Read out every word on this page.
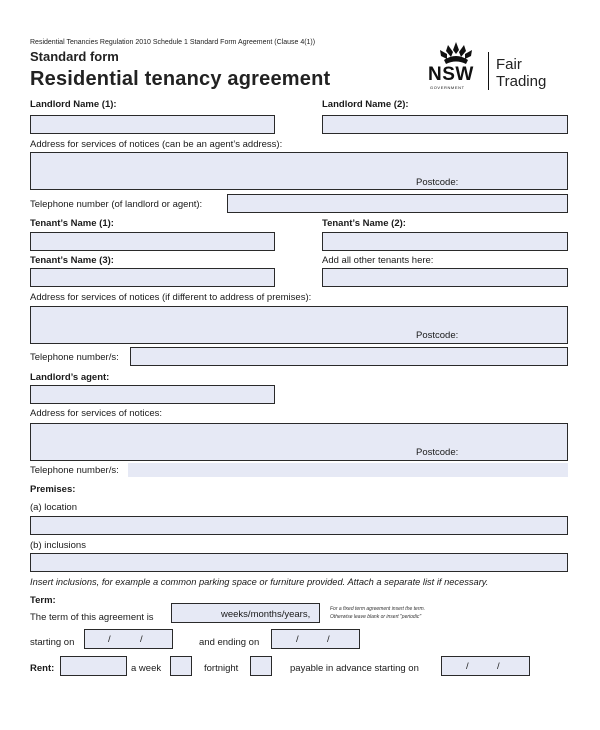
Residential Tenancies Regulation 2010 Schedule 1 Standard Form Agreement (Clause 4(1))
Standard form
Residential tenancy agreement	NSW
GOVERNMENT
Fair
Trading
Landlord Name (1):	Landlord Name (2):
Address for services of notices (can be an agent’s address):
Postcode:
Telephone number (of landlord or agent):
Tenant’s Name (1):	Tenant’s Name (2):
Tenant’s Name (3):	Add all other tenants here:
Address for services of notices (if different to address of premises):
Postcode:
Telephone number/s:
Landlord’s agent:
Address for services of notices:
Postcode:
Telephone number/s:
Premises:
(a) location
(b) inclusions
Insert inclusions, for example a common parking space or furniture provided. Attach a separate list if necessary.
Term:
The term of this agreement is	weeks/months/years,	For a fixed term agreement insert the term.
Otherwise leave blank or insert "periodic"
starting on	/	/	and ending on	/	/
Rent:	a week	fortnight	payable in advance starting on	/	/
